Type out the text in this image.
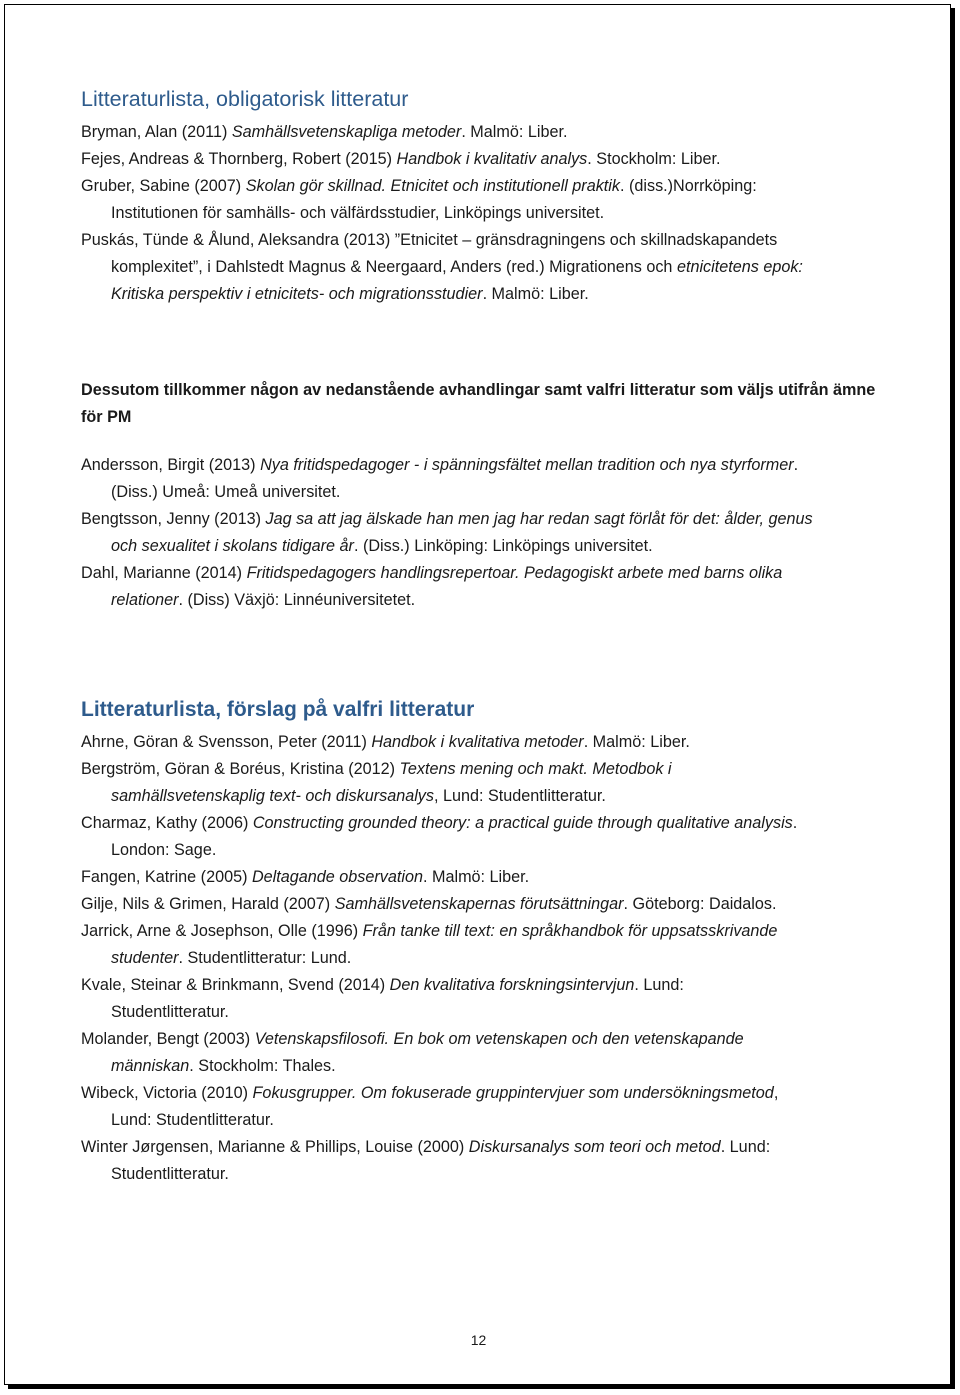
Litteraturlista, obligatorisk litteratur
Bryman, Alan (2011) Samhällsvetenskapliga metoder. Malmö: Liber.
Fejes, Andreas & Thornberg, Robert (2015) Handbok i kvalitativ analys. Stockholm: Liber.
Gruber, Sabine (2007) Skolan gör skillnad. Etnicitet och institutionell praktik. (diss.)Norrköping:
Institutionen för samhälls- och välfärdsstudier, Linköpings universitet.
Puskás, Tünde & Ålund, Aleksandra (2013) ”Etnicitet – gränsdragningens och skillnadskapandets
komplexitet”, i Dahlstedt Magnus & Neergaard, Anders (red.) Migrationens och etnicitetens epok:
Kritiska perspektiv i etnicitets- och migrationsstudier. Malmö: Liber.
Dessutom tillkommer någon av nedanstående avhandlingar samt valfri litteratur som väljs utifrån ämne för PM
Andersson, Birgit (2013) Nya fritidspedagoger - i spänningsfältet mellan tradition och nya styrformer.
(Diss.) Umeå: Umeå universitet.
Bengtsson, Jenny (2013) Jag sa att jag älskade han men jag har redan sagt förlåt för det: ålder, genus
och sexualitet i skolans tidigare år. (Diss.) Linköping: Linköpings universitet.
Dahl, Marianne (2014) Fritidspedagogers handlingsrepertoar. Pedagogiskt arbete med barns olika
relationer. (Diss) Växjö: Linnéuniversitetet.
Litteraturlista, förslag på valfri litteratur
Ahrne, Göran & Svensson, Peter (2011) Handbok i kvalitativa metoder. Malmö: Liber.
Bergström, Göran & Boréus, Kristina (2012) Textens mening och makt. Metodbok i
samhällsvetenskaplig text- och diskursanalys, Lund: Studentlitteratur.
Charmaz, Kathy (2006) Constructing grounded theory: a practical guide through qualitative analysis.
London: Sage.
Fangen, Katrine (2005) Deltagande observation. Malmö: Liber.
Gilje, Nils & Grimen, Harald (2007) Samhällsvetenskapernas förutsättningar. Göteborg: Daidalos.
Jarrick, Arne & Josephson, Olle (1996) Från tanke till text: en språkhandbok för uppsatsskrivande
studenter. Studentlitteratur: Lund.
Kvale, Steinar & Brinkmann, Svend (2014) Den kvalitativa forskningsintervjun. Lund:
Studentlitteratur.
Molander, Bengt (2003) Vetenskapsfilosofi. En bok om vetenskapen och den vetenskapande
människan. Stockholm: Thales.
Wibeck, Victoria (2010) Fokusgrupper. Om fokuserade gruppintervjuer som undersökningsmetod,
Lund: Studentlitteratur.
Winter Jørgensen, Marianne & Phillips, Louise (2000) Diskursanalys som teori och metod. Lund:
Studentlitteratur.
12
